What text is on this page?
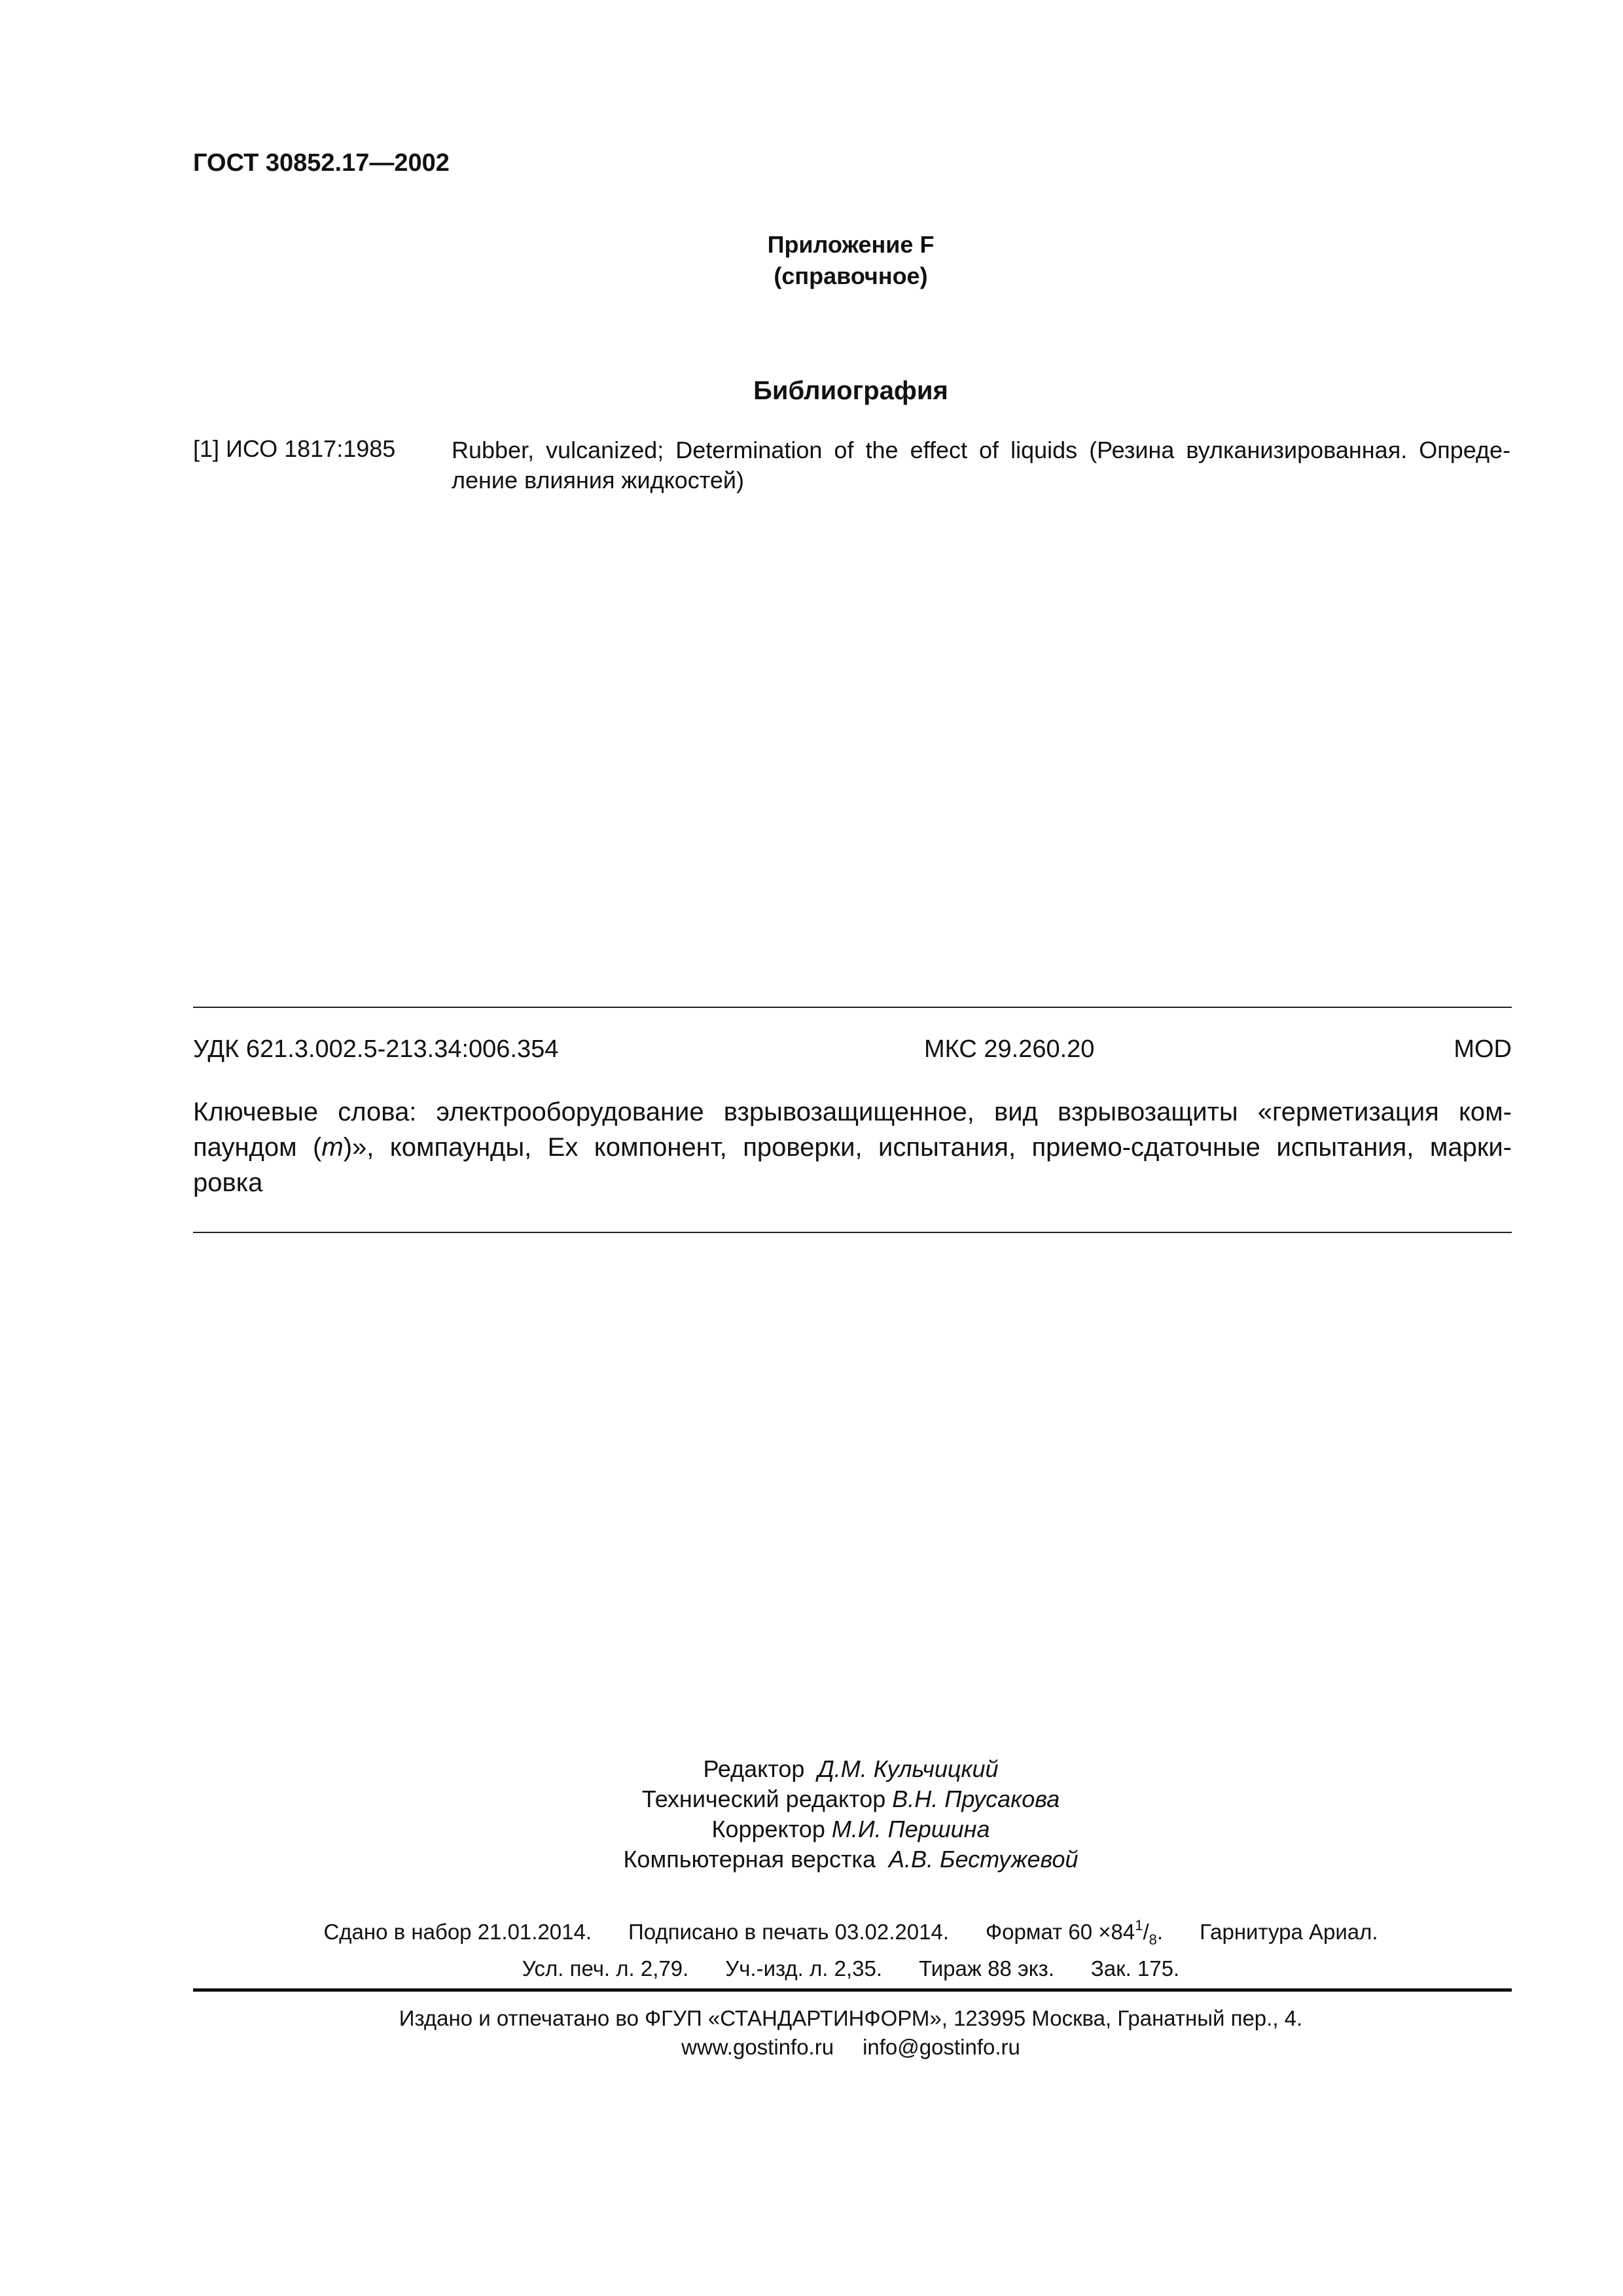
ГОСТ 30852.17—2002
Приложение F
(справочное)
Библиография
[1] ИСО 1817:1985 Rubber, vulcanized; Determination of the effect of liquids (Резина вулканизированная. Опреде-
ление влияния жидкостей)
УДК 621.3.002.5-213.34:006.354	МКС 29.260.20	MOD
Ключевые слова: электрооборудование взрывозащищенное, вид взрывозащиты «герметизация ком-
паундом (m)», компаунды, Ex компонент, проверки, испытания, приемо-сдаточные испытания, марки-
ровка
Редактор Д.М. Кульчицкий
Технический редактор В.Н. Прусакова
Корректор М.И. Першина
Компьютерная верстка А.В. Бестужевой
Сдано в набор 21.01.2014. Подписано в печать 03.02.2014. Формат $60 \times 84^1/_8$. Гарнитура Ариал.
Усл. печ. л. 2,79. Уч.-изд. л. 2,35. Тираж 88 экз. Зак. 175.
Издано и отпечатано во ФГУП «СТАНДАРТИНФОРМ», 123995 Москва, Гранатный пер., 4.
www.gostinfo.ru info@gostinfo.ru
